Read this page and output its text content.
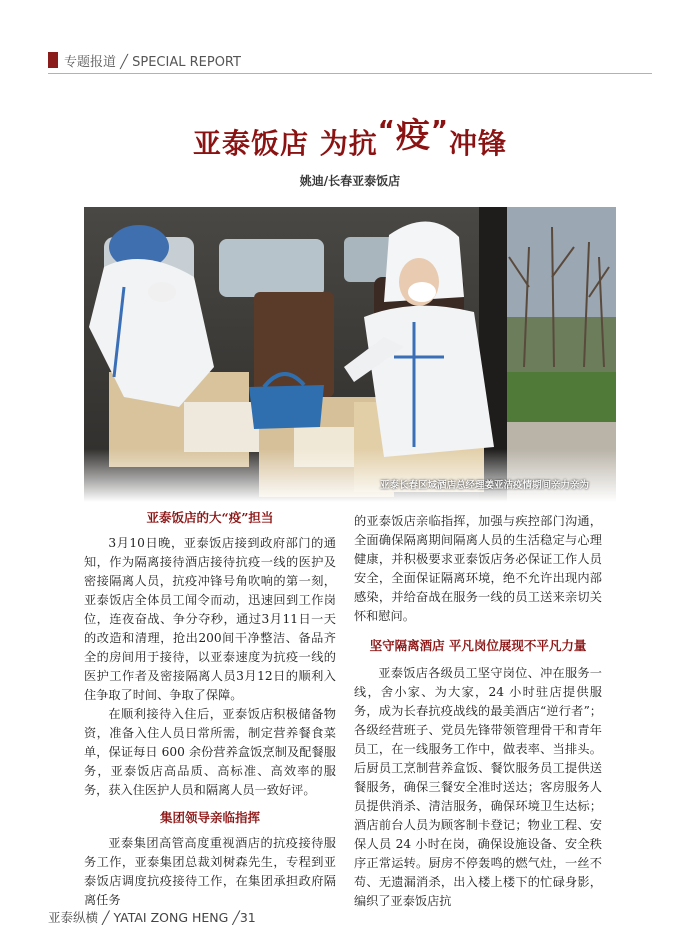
专题报道 ╱ SPECIAL REPORT
亚泰饭店 为抗“疫”冲锋
姚迪/长春亚泰饭店
亚泰长春区域酒店总经理姜亚洁疫情期间亲力亲为
亚泰饭店的大“疫”担当

3月10日晚，亚泰饭店接到政府部门的通知，作为隔离接待酒店接待抗疫一线的医护及密接隔离人员，抗疫冲锋号角吹响的第一刻，亚泰饭店全体员工闻令而动，迅速回到工作岗位，连夜奋战、争分夺秒，通过3月11日一天的改造和清理，抢出200间干净整洁、备品齐全的房间用于接待，以亚泰速度为抗疫一线的医护工作者及密接隔离人员3月12日的顺利入住争取了时间、争取了保障。

在顺利接待入住后，亚泰饭店积极储备物资，准备入住人员日常所需，制定营养餐食菜单，保证每日 600 余份营养盒饭烹制及配餐服务，亚泰饭店高品质、高标准、高效率的服务，获入住医护人员和隔离人员一致好评。

集团领导亲临指挥

亚泰集团高管高度重视酒店的抗疫接待服务工作，亚泰集团总裁刘树森先生，专程到亚泰饭店调度抗疫接待工作，在集团承担政府隔离任务

的亚泰饭店亲临指挥，加强与疾控部门沟通，全面确保隔离期间隔离人员的生活稳定与心理健康，并积极要求亚泰饭店务必保证工作人员安全，全面保证隔离环境，绝不允许出现内部感染，并给奋战在服务一线的员工送来亲切关怀和慰问。

坚守隔离酒店 平凡岗位展现不平凡力量

亚泰饭店各级员工坚守岗位、冲在服务一线，舍小家、为大家，24 小时驻店提供服务，成为长春抗疫战线的最美酒店“逆行者”；各级经营班子、党员先锋带领管理骨干和青年员工，在一线服务工作中，做表率、当排头。后厨员工烹制营养盒饭、餐饮服务员工提供送餐服务，确保三餐安全准时送达；客房服务人员提供消杀、清洁服务，确保环境卫生达标；酒店前台人员为顾客制卡登记；物业工程、安保人员 24 小时在岗，确保设施设备、安全秩序正常运转。厨房不停轰鸣的燃气灶，一丝不苟、无遗漏消杀，出入楼上楼下的忙碌身影，编织了亚泰饭店抗

亚泰纵横 ╱ YATAI ZONG HENG ╱31
